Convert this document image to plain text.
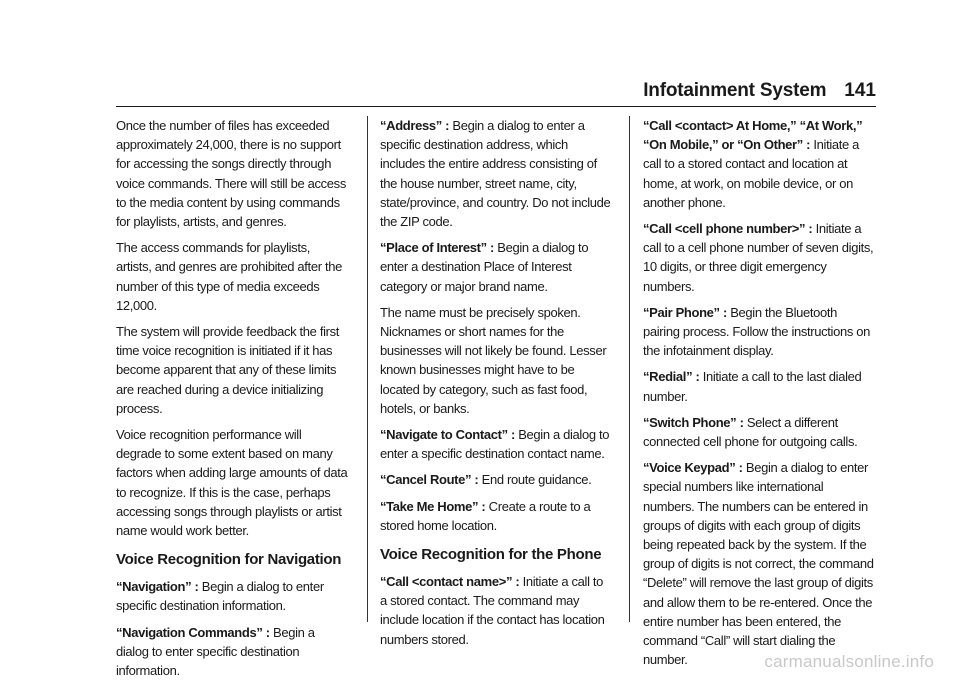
Infotainment System 141

Once the number of files has exceeded approximately 24,000, there is no support for accessing the songs directly through voice commands. There will still be access to the media content by using commands for playlists, artists, and genres.

The access commands for playlists, artists, and genres are prohibited after the number of this type of media exceeds 12,000.

The system will provide feedback the first time voice recognition is initiated if it has become apparent that any of these limits are reached during a device initializing process.

Voice recognition performance will degrade to some extent based on many factors when adding large amounts of data to recognize. If this is the case, perhaps accessing songs through playlists or artist name would work better.

Voice Recognition for Navigation

“Navigation” : Begin a dialog to enter specific destination information.

“Navigation Commands” : Begin a dialog to enter specific destination information.

“Address” : Begin a dialog to enter a specific destination address, which includes the entire address consisting of the house number, street name, city, state/province, and country. Do not include the ZIP code.

“Place of Interest” : Begin a dialog to enter a destination Place of Interest category or major brand name.

The name must be precisely spoken. Nicknames or short names for the businesses will not likely be found. Lesser known businesses might have to be located by category, such as fast food, hotels, or banks.

“Navigate to Contact” : Begin a dialog to enter a specific destination contact name.

“Cancel Route” : End route guidance.

“Take Me Home” : Create a route to a stored home location.

Voice Recognition for the Phone

“Call <contact name>” : Initiate a call to a stored contact. The command may include location if the contact has location numbers stored.

“Call <contact> At Home,” “At Work,” “On Mobile,” or “On Other” : Initiate a call to a stored contact and location at home, at work, on mobile device, or on another phone.

“Call <cell phone number>” : Initiate a call to a cell phone number of seven digits, 10 digits, or three digit emergency numbers.

“Pair Phone” : Begin the Bluetooth pairing process. Follow the instructions on the infotainment display.

“Redial” : Initiate a call to the last dialed number.

“Switch Phone” : Select a different connected cell phone for outgoing calls.

“Voice Keypad” : Begin a dialog to enter special numbers like international numbers. The numbers can be entered in groups of digits with each group of digits being repeated back by the system. If the group of digits is not correct, the command “Delete” will remove the last group of digits and allow them to be re-entered. Once the entire number has been entered, the command “Call” will start dialing the number.	carmanualsonline.info
